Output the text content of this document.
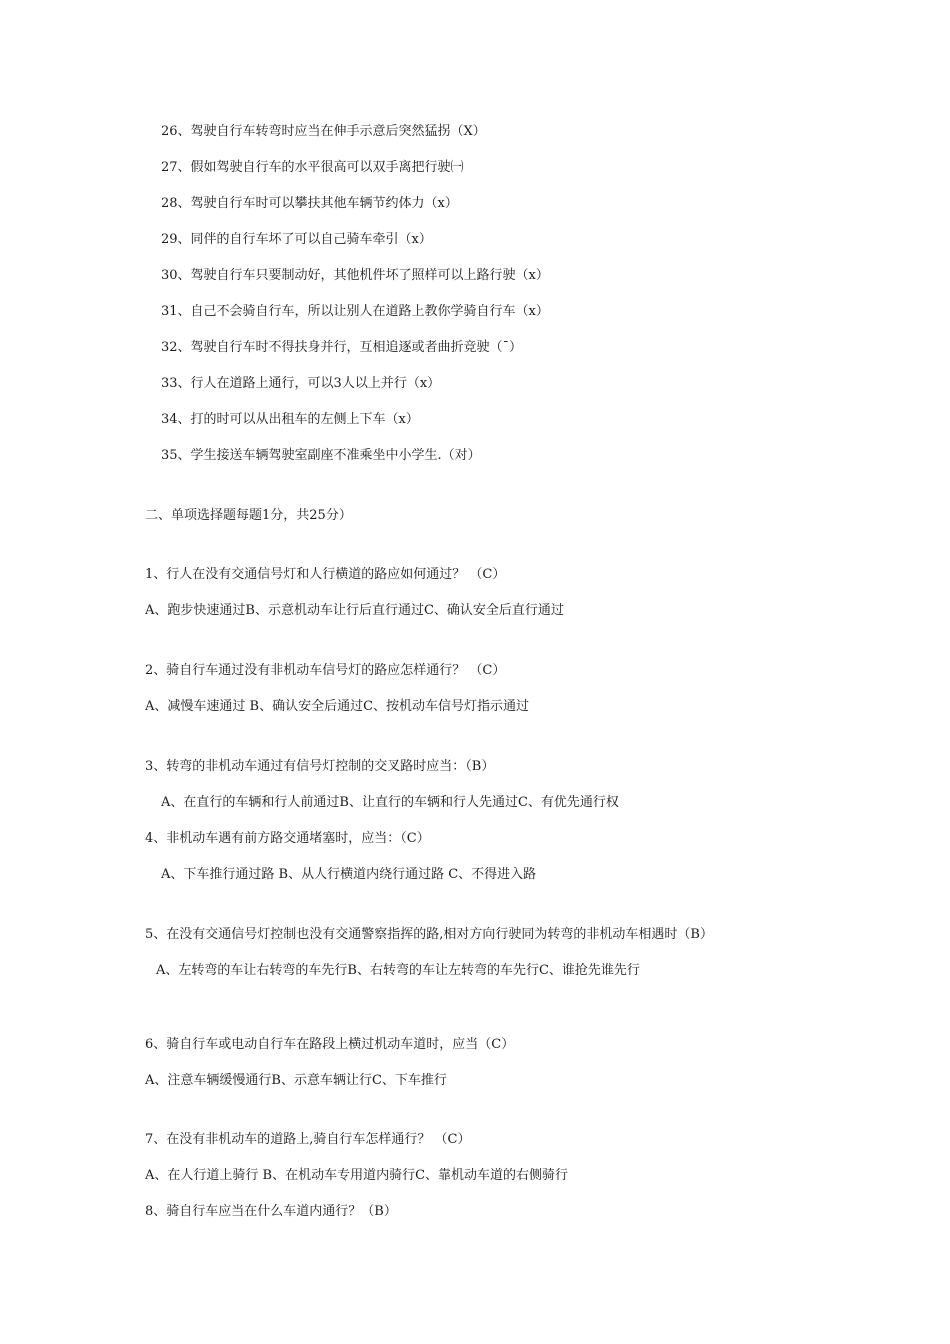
26、驾驶自行车转弯时应当在伸手示意后突然猛拐（X）
27、假如驾驶自行车的水平很高可以双手离把行驶㈠
28、驾驶自行车时可以攀扶其他车辆节约体力（x）
29、同伴的自行车坏了可以自己骑车牵引（x）
30、驾驶自行车只要制动好，其他机件坏了照样可以上路行驶（x）
31、自己不会骑自行车，所以让别人在道路上教你学骑自行车（x）
32、驾驶自行车时不得扶身并行，互相追逐或者曲折竞驶（ˉ）
33、行人在道路上通行，可以3人以上并行（x）
34、打的时可以从出租车的左侧上下车（x）
35、学生接送车辆驾驶室副座不准乘坐中小学生.（对）
二、单项选择题每题1分，共25分）
1、行人在没有交通信号灯和人行横道的路应如何通过？ （C）
A、跑步快速通过B、示意机动车让行后直行通过C、确认安全后直行通过
2、骑自行车通过没有非机动车信号灯的路应怎样通行？ （C）
A、减慢车速通过 B、确认安全后通过C、按机动车信号灯指示通过
3、转弯的非机动车通过有信号灯控制的交叉路时应当：（B）
A、在直行的车辆和行人前通过B、让直行的车辆和行人先通过C、有优先通行权
4、非机动车遇有前方路交通堵塞时，应当：（C）
A、下车推行通过路 B、从人行横道内绕行通过路 C、不得进入路
5、在没有交通信号灯控制也没有交通警察指挥的路,相对方向行驶同为转弯的非机动车相遇时（B）
A、左转弯的车让右转弯的车先行B、右转弯的车让左转弯的车先行C、谁抢先谁先行
6、骑自行车或电动自行车在路段上横过机动车道时，应当（C）
A、注意车辆缓慢通行B、示意车辆让行C、下车推行
7、在没有非机动车的道路上,骑自行车怎样通行？ （C）
A、在人行道上骑行 B、在机动车专用道内骑行C、靠机动车道的右侧骑行
8、骑自行车应当在什么车道内通行？（B）
